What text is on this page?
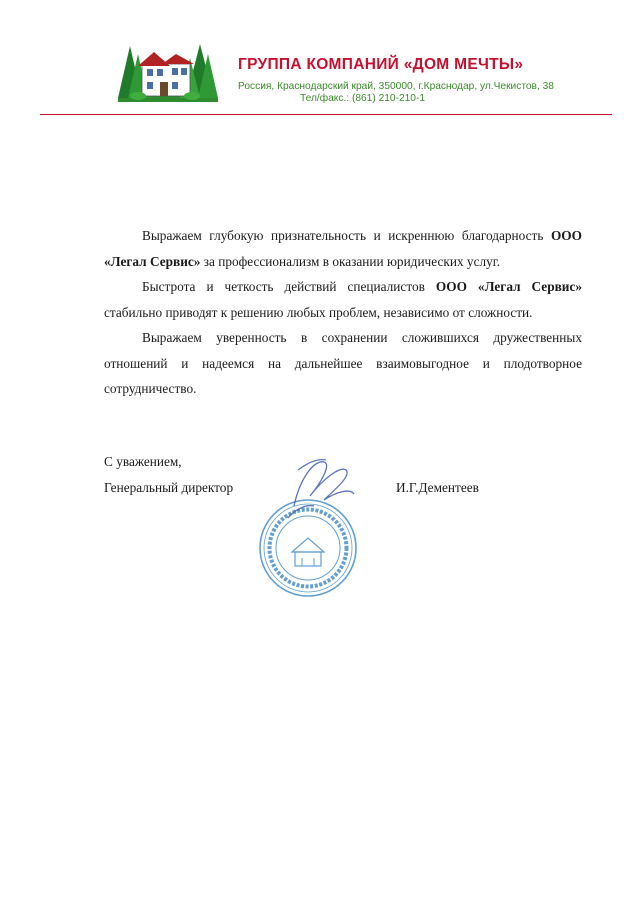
ГРУППА КОМПАНИЙ «ДОМ МЕЧТЫ»
Россия, Краснодарский край, 350000, г.Краснодар, ул.Чекистов, 38
Тел/факс.: (861) 210-210-1

Выражаем глубокую признательность и искреннюю благодарность ООО «Легал Сервис» за профессионализм в оказании юридических услуг.

Быстрота и четкость действий специалистов ООО «Легал Сервис» стабильно приводят к решению любых проблем, независимо от сложности.

Выражаем уверенность в сохранении сложившихся дружественных отношений и надеемся на дальнейшее взаимовыгодное и плодотворное сотрудничество.

С уважением,
Генеральный директор	И.Г.Дементеев
